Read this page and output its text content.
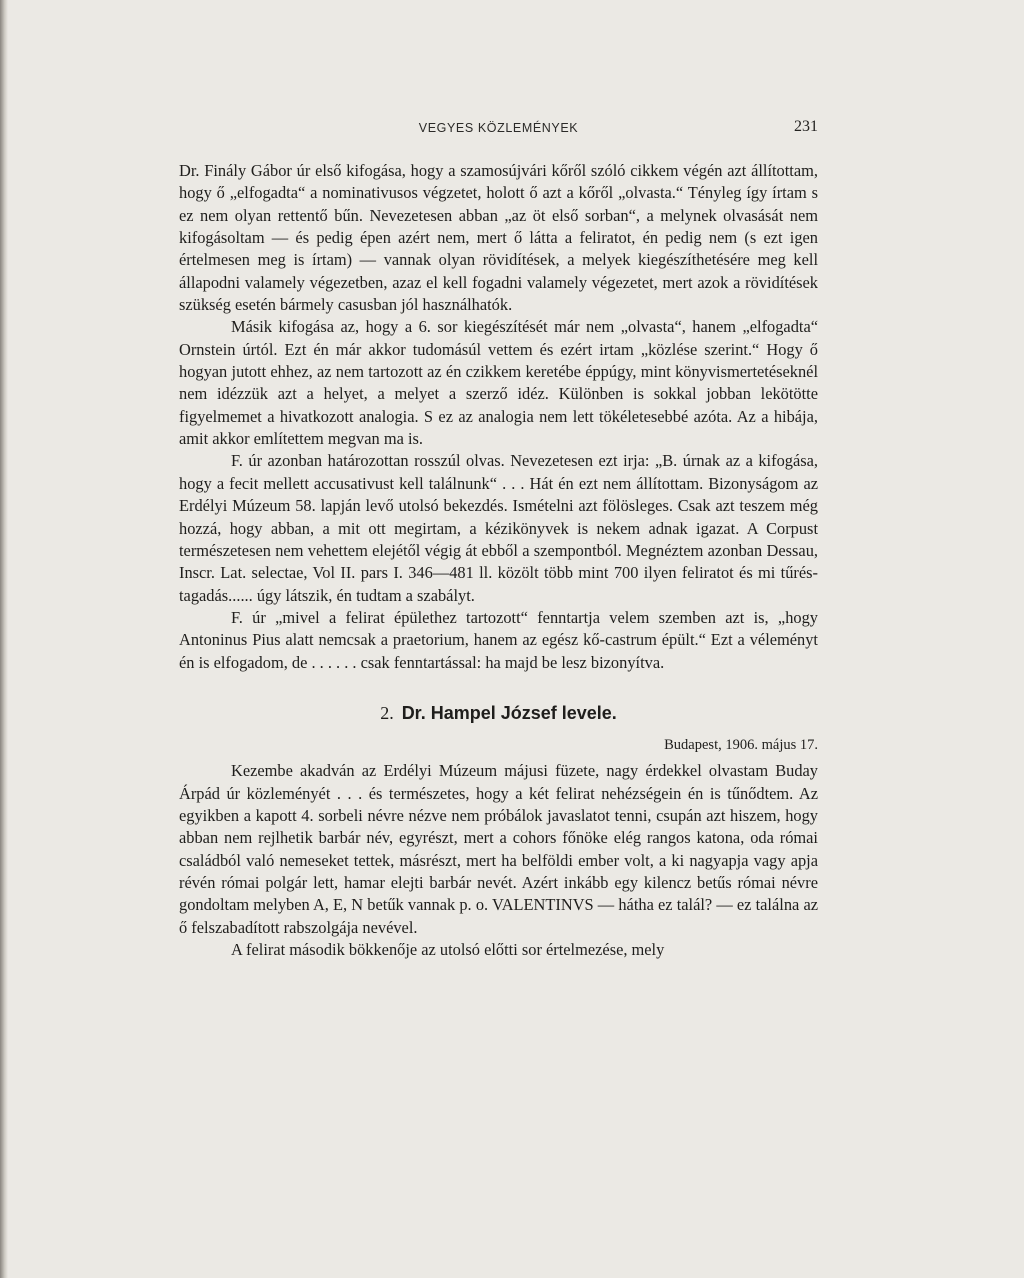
VEGYES KÖZLEMÉNYEK	231

Dr. Finály Gábor úr első kifogása, hogy a szamosújvári kőről szóló cikkem végén azt állítottam, hogy ő „elfogadta“ a nominativusos végzetet, holott ő azt a kőről „olvasta.“ Tényleg így írtam s ez nem olyan rettentő bűn. Nevezetesen abban „az öt első sorban“, a melynek olvasását nem kifogásoltam — és pedig épen azért nem, mert ő látta a feliratot, én pedig nem (s ezt igen értelmesen meg is írtam) — vannak olyan rövidítések, a melyek kiegészíthetésére meg kell állapodni valamely végezetben, azaz el kell fogadni valamely végezetet, mert azok a rövidítések szükség esetén bármely casusban jól használhatók.

Másik kifogása az, hogy a 6. sor kiegészítését már nem „olvasta“, hanem „elfogadta“ Ornstein úrtól. Ezt én már akkor tudomásúl vettem és ezért irtam „közlése szerint.“ Hogy ő hogyan jutott ehhez, az nem tartozott az én czikkem keretébe éppúgy, mint könyvismertetéseknél nem idézzük azt a helyet, a melyet a szerző idéz. Különben is sokkal jobban lekötötte figyelmemet a hivatkozott analogia. S ez az analogia nem lett tökéletesebbé azóta. Az a hibája, amit akkor említettem megvan ma is.

F. úr azonban határozottan rosszúl olvas. Nevezetesen ezt irja: „B. úrnak az a kifogása, hogy a fecit mellett accusativust kell találnunk“ . . . Hát én ezt nem állítottam. Bizonyságom az Erdélyi Múzeum 58. lapján levő utolsó bekezdés. Ismételni azt fölösleges. Csak azt teszem még hozzá, hogy abban, a mit ott megirtam, a kézikönyvek is nekem adnak igazat. A Corpust természetesen nem vehettem elejétől végig át ebből a szempontból. Megnéztem azonban Dessau, Inscr. Lat. selectae, Vol II. pars I. 346—481 ll. közölt több mint 700 ilyen feliratot és mi tűrés-tagadás...... úgy látszik, én tudtam a szabályt.

F. úr „mivel a felirat épülethez tartozott“ fenntartja velem szemben azt is, „hogy Antoninus Pius alatt nemcsak a praetorium, hanem az egész kő-castrum épült.“ Ezt a véleményt én is elfogadom, de . . . . . . csak fenntartással: ha majd be lesz bizonyítva.

2. Dr. Hampel József levele.
Budapest, 1906. május 17.

Kezembe akadván az Erdélyi Múzeum májusi füzete, nagy érdekkel olvastam Buday Árpád úr közleményét . . . és természetes, hogy a két felirat nehézségein én is tűnődtem. Az egyikben a kapott 4. sorbeli névre nézve nem próbálok javaslatot tenni, csupán azt hiszem, hogy abban nem rejlhetik barbár név, egyrészt, mert a cohors főnöke elég rangos katona, oda római családból való nemeseket tettek, másrészt, mert ha belföldi ember volt, a ki nagyapja vagy apja révén római polgár lett, hamar elejti barbár nevét. Azért inkább egy kilencz betűs római névre gondoltam melyben A, E, N betűk vannak p. o. VALENTINVS — hátha ez talál? — ez találna az ő felszabadított rabszolgája nevével.

A felirat második bökkenője az utolsó előtti sor értelmezése, mely
